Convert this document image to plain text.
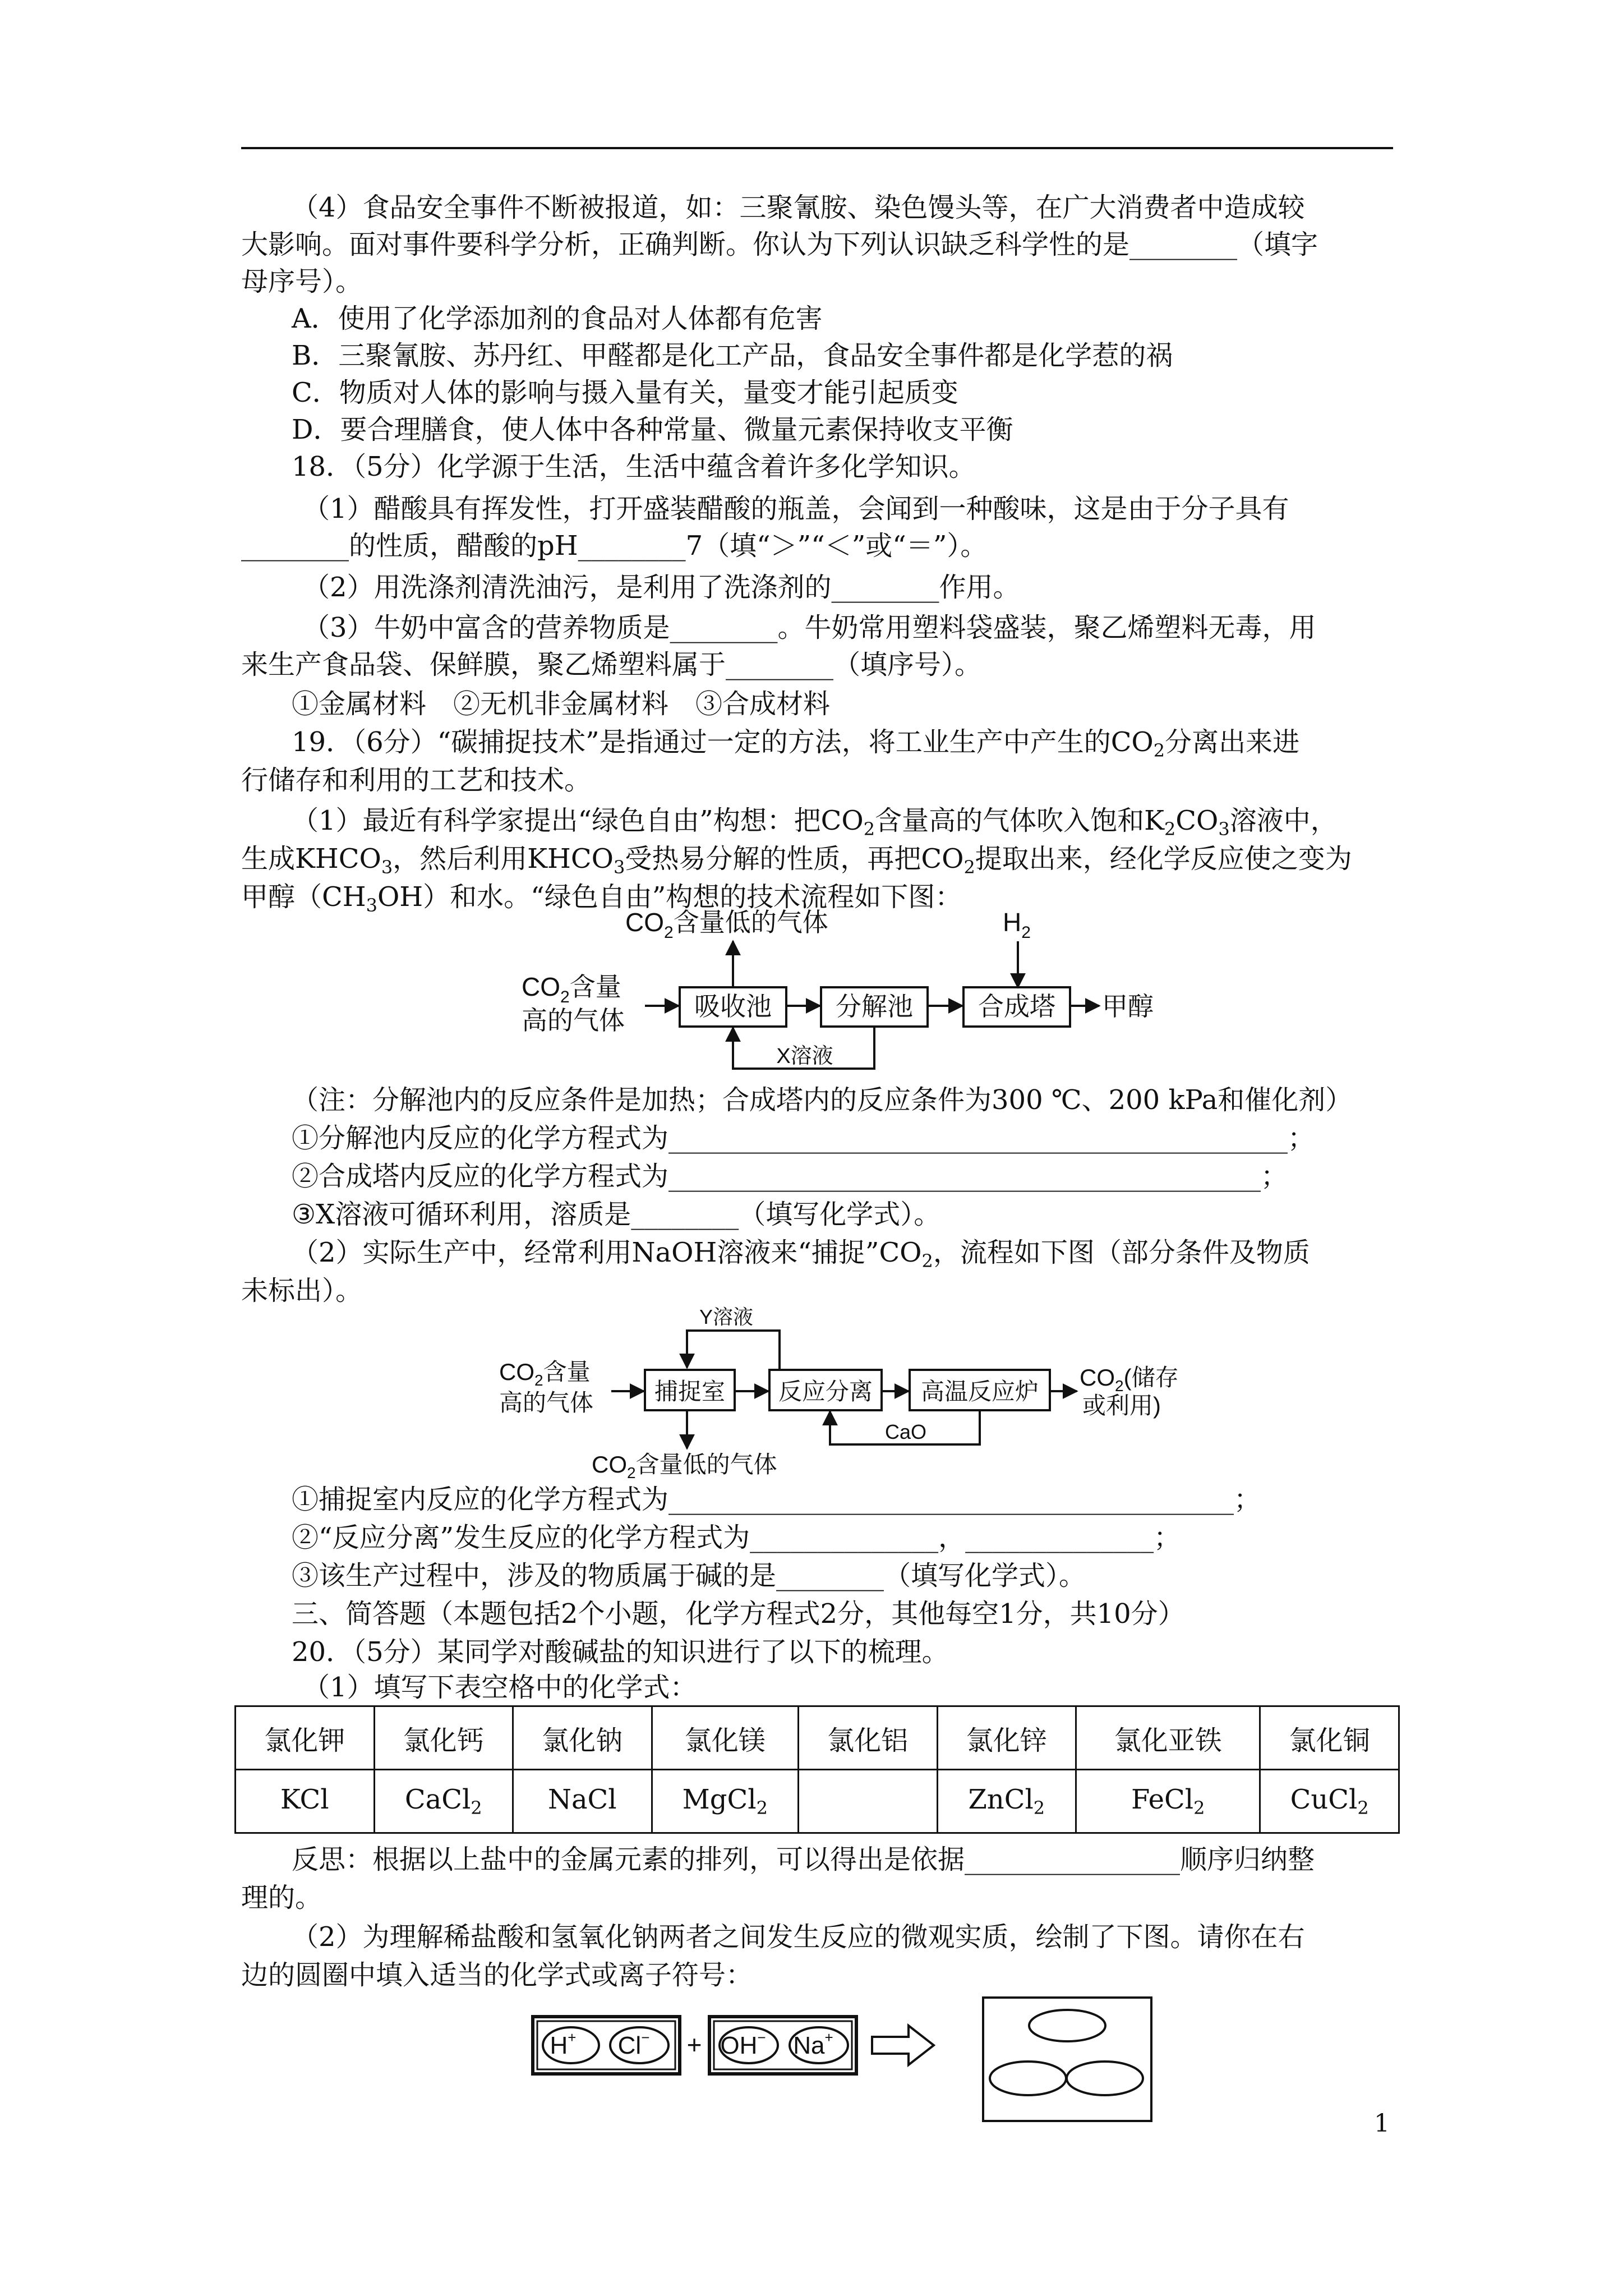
（4）食品安全事件不断被报道，如：三聚氰胺、染色馒头等，在广大消费者中造成较
大影响。面对事件要科学分析，正确判断。你认为下列认识缺乏科学性的是________（填字
母序号）。
A．使用了化学添加剂的食品对人体都有危害
B．三聚氰胺、苏丹红、甲醛都是化工产品，食品安全事件都是化学惹的祸
C．物质对人体的影响与摄入量有关，量变才能引起质变
D．要合理膳食，使人体中各种常量、微量元素保持收支平衡
18．（5分）化学源于生活，生活中蕴含着许多化学知识。
（1）醋酸具有挥发性，打开盛装醋酸的瓶盖，会闻到一种酸味，这是由于分子具有
________的性质，醋酸的pH________7（填“＞”“＜”或“＝”）。
（2）用洗涤剂清洗油污，是利用了洗涤剂的________作用。
（3）牛奶中富含的营养物质是________。牛奶常用塑料袋盛装，聚乙烯塑料无毒，用
来生产食品袋、保鲜膜，聚乙烯塑料属于________（填序号）。
①金属材料　②无机非金属材料　③合成材料
19．（6分）“碳捕捉技术”是指通过一定的方法，将工业生产中产生的$CO_2$分离出来进
行储存和利用的工艺和技术。
（1）最近有科学家提出“绿色自由”构想：把$CO_2$含量高的气体吹入饱和$K_2CO_3$溶液中，
生成$KHCO_3$，然后利用$KHCO_3$受热易分解的性质，再把$CO_2$提取出来，经化学反应使之变为
甲醇$(CH_3OH)$和水。“绿色自由”构想的技术流程如下图：
$CO_2$含量低的气体	$H_2$
$CO_2$含量
高的气体	吸收池 分解池	合成塔 甲醇
X溶液
（注：分解池内的反应条件是加热；合成塔内的反应条件为300 ℃、200 kPa和催化剂）
①分解池内反应的化学方程式为______________________________________________；
②合成塔内反应的化学方程式为____________________________________________；
③X溶液可循环利用，溶质是________（填写化学式）。
（2）实际生产中，经常利用NaOH溶液来“捕捉$”CO_2$，流程如下图（部分条件及物质
未标出）。
Y溶液
$CO_2$含量
高的气体	捕捉室 反应分离 高温反应炉
$CO_2$(储存
或利用)
CaO
$CO_2$含量低的气体
①捕捉室内反应的化学方程式为__________________________________________；
②“反应分离”发生反应的化学方程式为______________，______________；
③该生产过程中，涉及的物质属于碱的是________（填写化学式）。
三、简答题（本题包括2个小题，化学方程式2分，其他每空1分，共10分）
20．（5分）某同学对酸碱盐的知识进行了以下的梳理。
（1）填写下表空格中的化学式：
氯化钾	氯化钙	氯化钠	氯化镁	氯化铝	氯化锌	氯化亚铁	氯化铜
KCl	CaCl$_2$	NaCl	MgCl$_2$		ZnCl$_2$	FeCl$_2$	CuCl$_2$
反思：根据以上盐中的金属元素的排列，可以得出是依据________________顺序归纳整
理的。
（2）为理解稀盐酸和氢氧化钠两者之间发生反应的微观实质，绘制了下图。请你在右
边的圆圈中填入适当的化学式或离子符号：
H+ Cl− + OH− Na+
1
